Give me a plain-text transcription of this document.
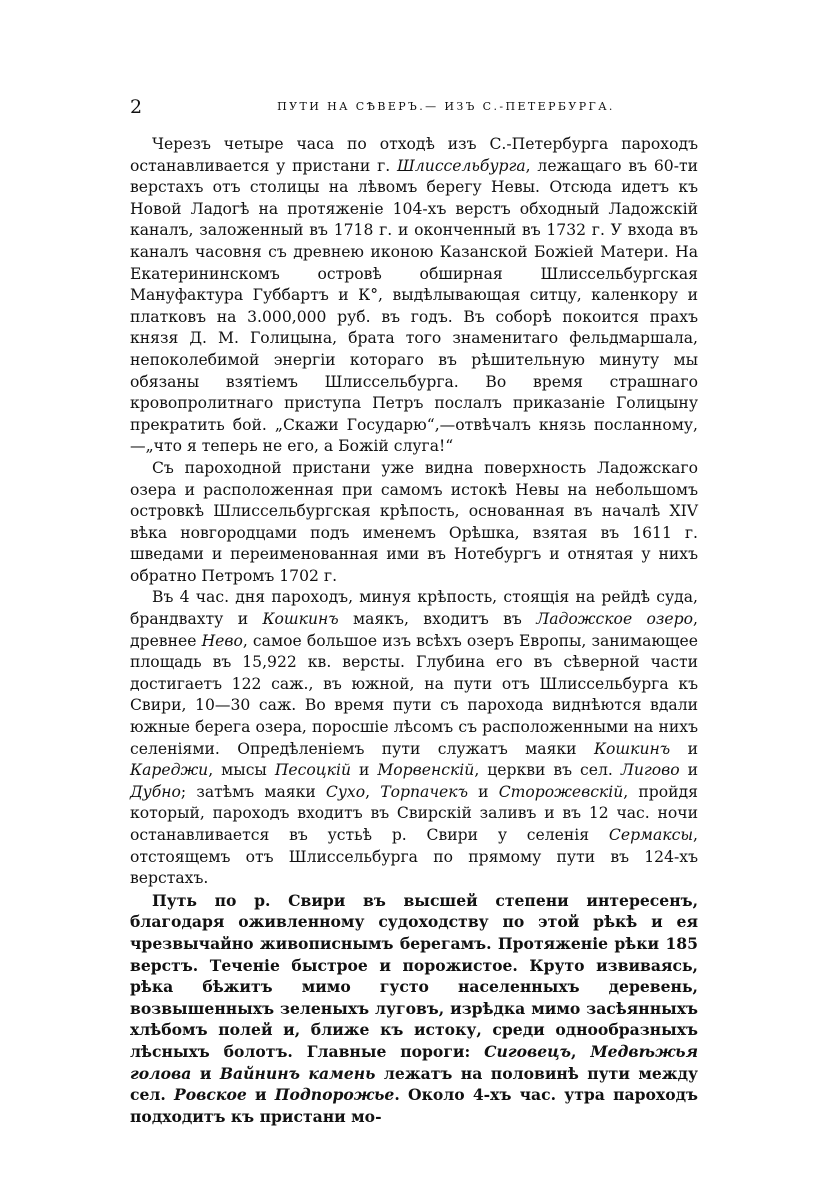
2	ПУТИ НА СѢВЕРЪ.— ИЗЪ С.-ПЕТЕРБУРГА.

Черезъ четыре часа по отходѣ изъ С.-Петербурга пароходъ останавливается у пристани г. Шлиссельбурга, лежащаго въ 60-ти верстахъ отъ столицы на лѣвомъ берегу Невы. Отсюда идетъ къ Новой Ладогѣ на протяженіе 104-хъ верстъ обходный Ладожскій каналъ, заложенный въ 1718 г. и оконченный въ 1732 г. У входа въ каналъ часовня съ древнею иконою Казанской Божіей Матери. На Екатерининскомъ островѣ обширная Шлиссельбургская Мануфактура Губбартъ и К°, выдѣлывающая ситцу, каленкору и платковъ на 3.000,000 руб. въ годъ. Въ соборѣ покоится прахъ князя Д. М. Голицына, брата того знаменитаго фельдмаршала, непоколебимой энергіи котораго въ рѣшительную минуту мы обязаны взятіемъ Шлиссельбурга. Во время страшнаго кровопролитнаго приступа Петръ послалъ приказаніе Голицыну прекратить бой. „Скажи Государю“,—отвѣчалъ князь посланному,—„что я теперь не его, а Божій слуга!“

Съ пароходной пристани уже видна поверхность Ладожскаго озера и расположенная при самомъ истокѣ Невы на небольшомъ островкѣ Шлиссельбургская крѣпость, основанная въ началѣ XIV вѣка новгородцами подъ именемъ Орѣшка, взятая въ 1611 г. шведами и переименованная ими въ Нотебургъ и отнятая у нихъ обратно Петромъ 1702 г.

Въ 4 час. дня пароходъ, минуя крѣпость, стоящія на рейдѣ суда, брандвахту и Кошкинъ маякъ, входитъ въ Ладожское озеро, древнее Нево, самое большое изъ всѣхъ озеръ Европы, занимающее площадь въ 15,922 кв. версты. Глубина его въ сѣверной части достигаетъ 122 саж., въ южной, на пути отъ Шлиссельбурга къ Свири, 10—30 саж. Во время пути съ парохода виднѣются вдали южные берега озера, поросшіе лѣсомъ съ расположенными на нихъ селеніями. Опредѣленіемъ пути служатъ маяки Кошкинъ и Кареджи, мысы Песоцкій и Морвенскій, церкви въ сел. Лигово и Дубно; затѣмъ маяки Сухо, Торпачекъ и Сторожевскій, пройдя который, пароходъ входитъ въ Свирскій заливъ и въ 12 час. ночи останавливается въ устьѣ р. Свири у селенія Сермаксы, отстоящемъ отъ Шлиссельбурга по прямому пути въ 124-хъ верстахъ.

Путь по р. Свири въ высшей степени интересенъ, благодаря оживленному судоходству по этой рѣкѣ и ея чрезвычайно живописнымъ берегамъ. Протяженіе рѣки 185 верстъ. Теченіе быстрое и порожистое. Круто извиваясь, рѣка бѣжитъ мимо густо населенныхъ деревень, возвышенныхъ зеленыхъ луговъ, изрѣдка мимо засѣянныхъ хлѣбомъ полей и, ближе къ истоку, среди однообразныхъ лѣсныхъ болотъ. Главные пороги: Сиговецъ, Медвѣжья голова и Вайнинъ камень лежатъ на половинѣ пути между сел. Ровское и Подпорожье. Около 4-хъ час. утра пароходъ подходитъ къ пристани мо-
